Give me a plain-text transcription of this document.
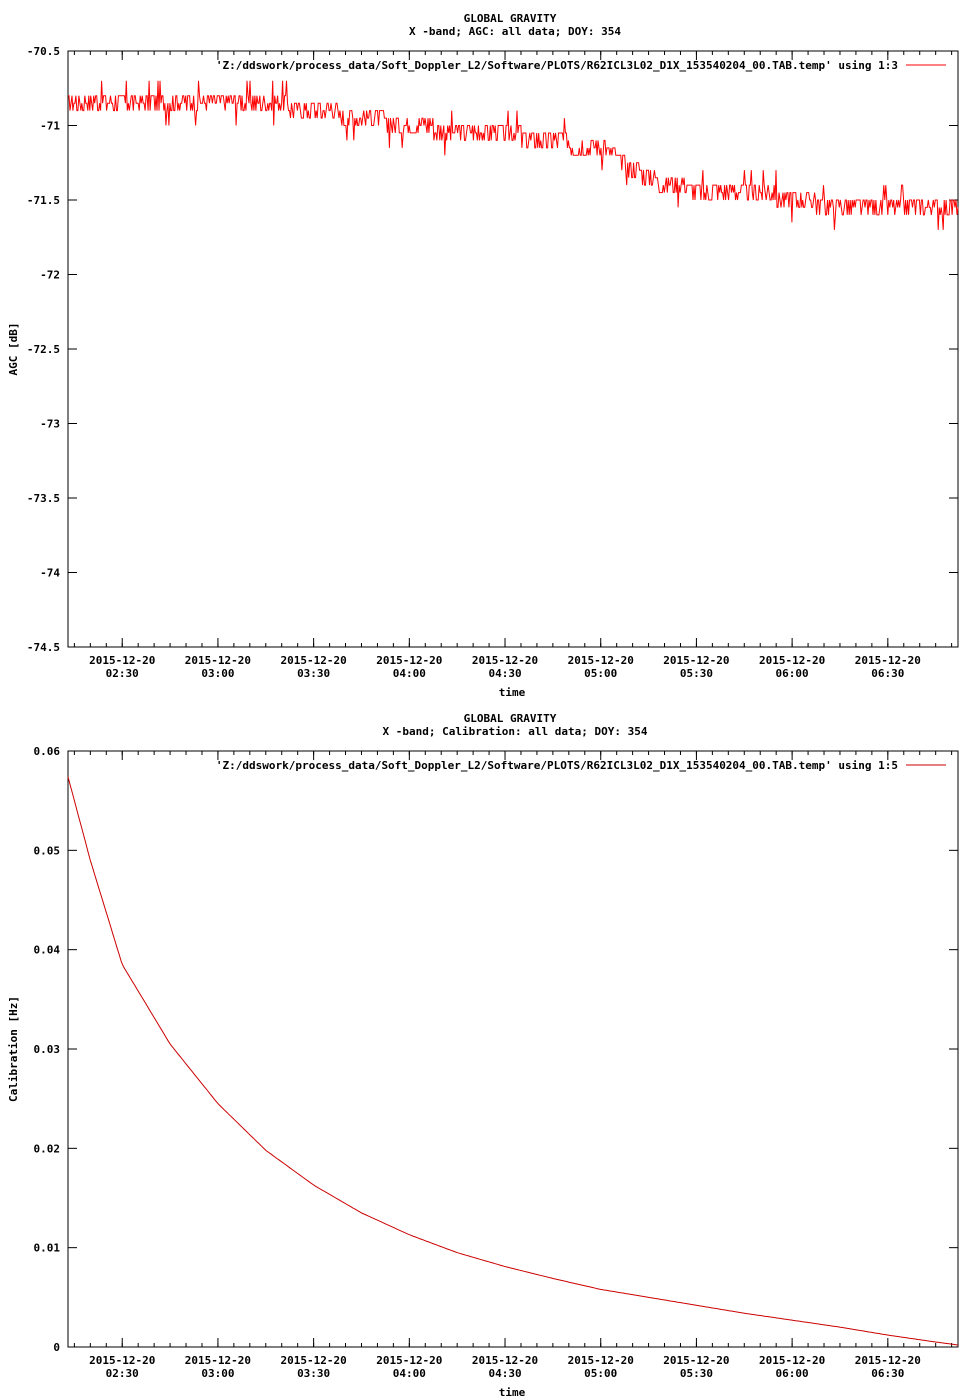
GLOBAL GRAVITY
X -band; AGC: all data; DOY: 354
-70.5
-71
-71.5
-72
-72.5
-73
-73.5
-74
-74.5
2015-12-20
02:30
2015-12-20
03:00
2015-12-20
03:30
2015-12-20
04:00
2015-12-20
04:30
2015-12-20
05:00
2015-12-20
05:30
2015-12-20
06:00
2015-12-20
06:30
time
AGC [dB]
'Z:/ddswork/process_data/Soft_Doppler_L2/Software/PLOTS/R62ICL3L02_D1X_153540204_00.TAB.temp' using 1:3
GLOBAL GRAVITY
X -band; Calibration: all data; DOY: 354
0.06
0.05
0.04
0.03
0.02
0.01
0
2015-12-20
02:30
2015-12-20
03:00
2015-12-20
03:30
2015-12-20
04:00
2015-12-20
04:30
2015-12-20
05:00
2015-12-20
05:30
2015-12-20
06:00
2015-12-20
06:30
time
Calibration [Hz]
'Z:/ddswork/process_data/Soft_Doppler_L2/Software/PLOTS/R62ICL3L02_D1X_153540204_00.TAB.temp' using 1:5
